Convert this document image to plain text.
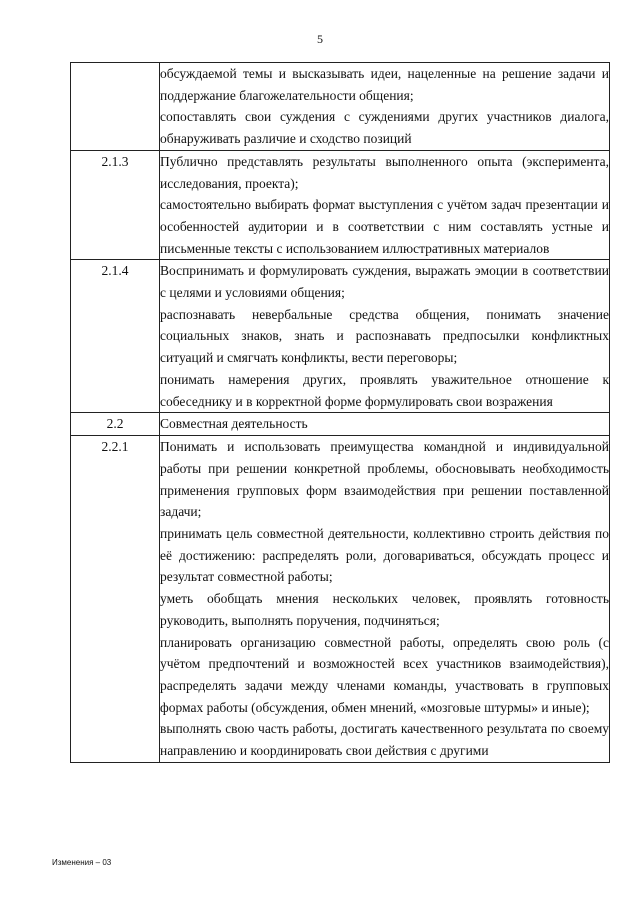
5

	обсуждаемой темы и высказывать идеи, нацеленные на решение задачи и поддержание благожелательности общения;

сопоставлять свои суждения с суждениями других участников диалога, обнаруживать различие и сходство позиций

2.1.3	Публично представлять результаты выполненного опыта (эксперимента, исследования, проекта);

самостоятельно выбирать формат выступления с учётом задач презентации и особенностей аудитории и в соответствии с ним составлять устные и письменные тексты с использованием иллюстративных материалов

2.1.4	Воспринимать и формулировать суждения, выражать эмоции в соответствии с целями и условиями общения;

распознавать невербальные средства общения, понимать значение социальных знаков, знать и распознавать предпосылки конфликтных ситуаций и смягчать конфликты, вести переговоры;

понимать намерения других, проявлять уважительное отношение к собеседнику и в корректной форме формулировать свои возражения

2.2	Совместная деятельность

2.2.1	Понимать и использовать преимущества командной и индивидуальной работы при решении конкретной проблемы, обосновывать необходимость применения групповых форм взаимодействия при решении поставленной задачи;

принимать цель совместной деятельности, коллективно строить действия по её достижению: распределять роли, договариваться, обсуждать процесс и результат совместной работы;

уметь обобщать мнения нескольких человек, проявлять готовность руководить, выполнять поручения, подчиняться;

планировать организацию совместной работы, определять свою роль (с учётом предпочтений и возможностей всех участников взаимодействия), распределять задачи между членами команды, участвовать в групповых формах работы (обсуждения, обмен мнений, «мозговые штурмы» и иные);

выполнять свою часть работы, достигать качественного результата по своему направлению и координировать свои действия с другими

Изменения – 03
